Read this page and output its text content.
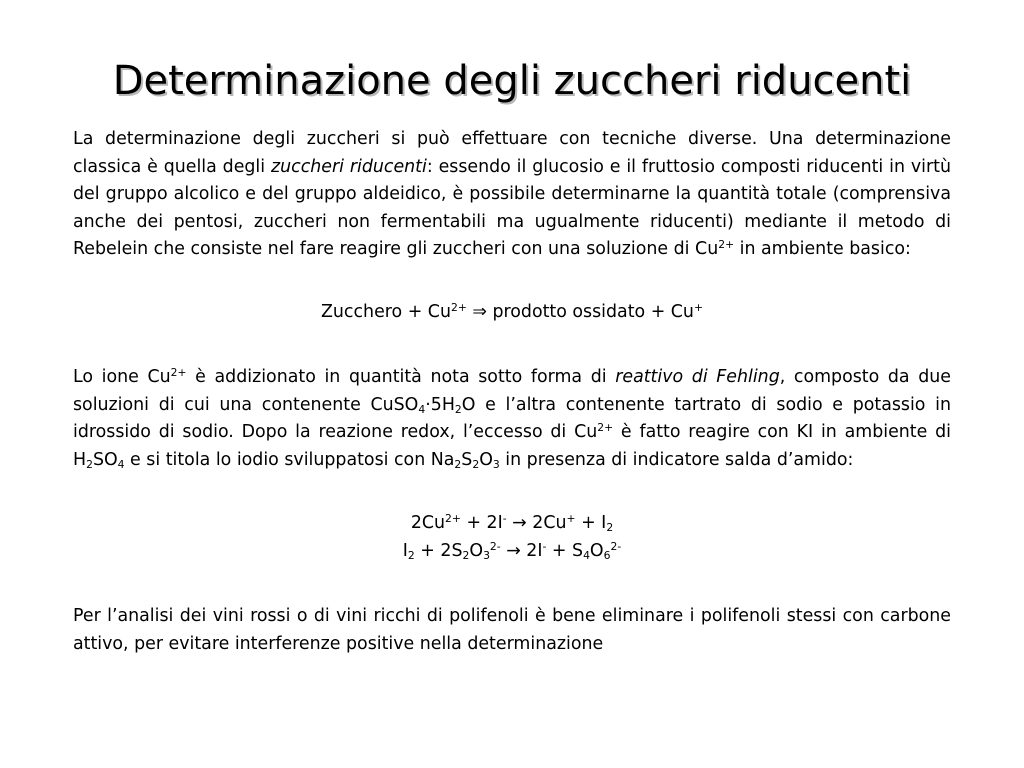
Determinazione degli zuccheri riducenti

La determinazione degli zuccheri si può effettuare con tecniche diverse. Una determinazione classica è quella degli zuccheri riducenti: essendo il glucosio e il fruttosio composti riducenti in virtù del gruppo alcolico e del gruppo aldeidico, è possibile determinarne la quantità totale (comprensiva anche dei pentosi, zuccheri non fermentabili ma ugualmente riducenti) mediante il metodo di Rebelein che consiste nel fare reagire gli zuccheri con una soluzione di $Cu^{2+}$ in ambiente basico:

Zucchero + $Cu^{2+}$ ⇒ prodotto ossidato + Cu+

Lo ione $Cu^{2+}$ è addizionato in quantità nota sotto forma di reattivo di Fehling, composto da due soluzioni di cui una contenente $CuSO_4\cdot 5H_2O$ e l’altra contenente tartrato di sodio e potassio in idrossido di sodio. Dopo la reazione redox, l’eccesso di $Cu^{2+}$ è fatto reagire con KI in ambiente di $H_2SO_4$ e si titola lo iodio sviluppatosi con $Na_2S_2O_3$ in presenza di indicatore salda d’amido:

$2Cu^{2+} + 2I^- \to 2Cu^+ + I_2$

$I_2 + 2S_2O_3^{2-} \to 2I^- + S_4O_6^{2-}$

Per l’analisi dei vini rossi o di vini ricchi di polifenoli è bene eliminare i polifenoli stessi con carbone attivo, per evitare interferenze positive nella determinazione
